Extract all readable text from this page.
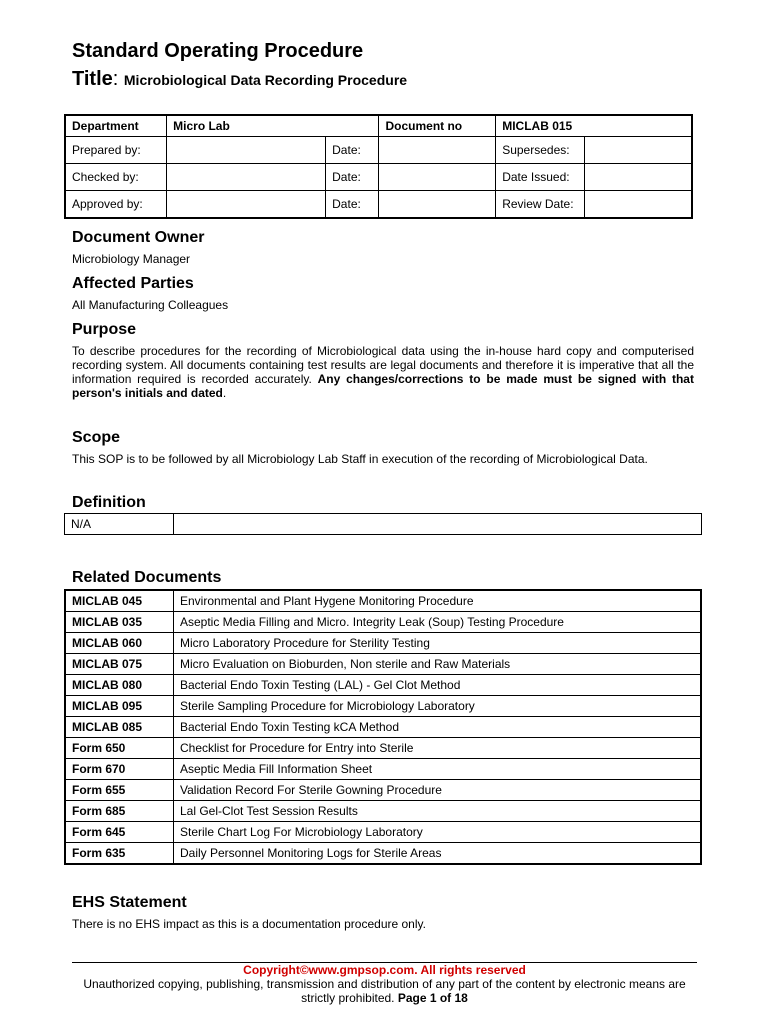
Standard Operating Procedure
Title: Microbiological Data Recording Procedure
Department	Micro Lab		Document no	MICLAB 015	
Prepared by:		Date:		Supersedes:	
Checked by:		Date:		Date Issued:	
Approved by:		Date:		Review Date:	
Document Owner

Microbiology Manager

Affected Parties

All Manufacturing Colleagues

Purpose

To describe procedures for the recording of Microbiological data using the in-house hard copy and computerised recording system. All documents containing test results are legal documents and therefore it is imperative that all the information required is recorded accurately. Any changes/corrections to be made must be signed with that person's initials and dated.

Scope

This SOP is to be followed by all Microbiology Lab Staff in execution of the recording of Microbiological Data.

Definition
N/A	
Related Documents
MICLAB 045	Environmental and Plant Hygene Monitoring Procedure
MICLAB 035	Aseptic Media Filling and Micro. Integrity Leak (Soup) Testing Procedure
MICLAB 060	Micro Laboratory Procedure for Sterility Testing
MICLAB 075	Micro Evaluation on Bioburden, Non sterile and Raw Materials
MICLAB 080	Bacterial Endo Toxin Testing (LAL) - Gel Clot Method
MICLAB 095	Sterile Sampling Procedure for Microbiology Laboratory
MICLAB 085	Bacterial Endo Toxin Testing kCA Method
Form 650	Checklist for Procedure for Entry into Sterile
Form 670	Aseptic Media Fill Information Sheet
Form 655	Validation Record For Sterile Gowning Procedure
Form 685	Lal Gel-Clot Test Session Results
Form 645	Sterile Chart Log For Microbiology Laboratory
Form 635	Daily Personnel Monitoring Logs for Sterile Areas
EHS Statement

There is no EHS impact as this is a documentation procedure only.

Copyright©www.gmpsop.com. All rights reserved
Unauthorized copying, publishing, transmission and distribution of any part of the content by electronic means are strictly prohibited. Page 1 of 18
